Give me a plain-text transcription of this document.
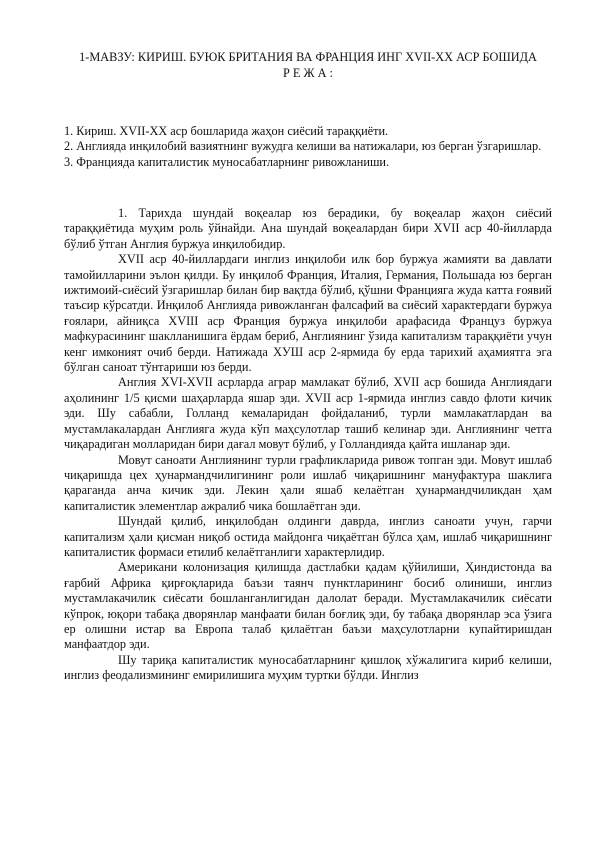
1-МАВЗУ: КИРИШ. БУЮК БРИТАНИЯ ВА ФРАНЦИЯ ИНГ XVII-XX АСР БОШИДА
Р Е Ж А :

1. Кириш. XVII-XX аср бошларида жаҳон сиёсий тараққиёти.

2. Англияда инқилобий вазиятнинг вужудга келиши ва натижалари, юз берган ўзгаришлар.

3. Францияда капиталистик муносабатларнинг ривожланиши.

1. Тарихда шундай воқеалар юз берадики, бу воқеалар жаҳон сиёсий тараққиётида муҳим роль ўйнайди. Ана шундай воқеалардан бири XVII аср 40-йилларда бўлиб ўтган Англия буржуа инқилобидир.

XVII аср 40-йиллардаги инглиз инқилоби илк бор буржуа жамияти ва давлати тамойилларини эълон қилди. Бу инқилоб Франция, Италия, Германия, Польшада юз берган ижтимоий-сиёсий ўзгаришлар билан бир вақтда бўлиб, қўшни Францияга жуда катта ғоявий таъсир кўрсатди. Инқилоб Англияда ривожланган фалсафий ва сиёсий характердаги буржуа ғоялари, айниқса XVIII аср Франция буржуа инқилоби арафасида Француз буржуа мафкурасининг шаклланишига ёрдам бериб, Англиянинг ўзида капитализм тараққиёти учун кенг имконият очиб берди. Натижада ХУШ аср 2-ярмида бу ерда тарихий аҳамиятга эга бўлган саноат тўнтариши юз берди.

Англия XVI-XVII асрларда аграр мамлакат бўлиб, XVII аср бошида Англиядаги аҳолининг 1/5 қисми шаҳарларда яшар эди. XVII аср 1-ярмида инглиз савдо флоти кичик эди. Шу сабабли, Голланд кемаларидан фойдаланиб, турли мамлакатлардан ва мустамлакалардан Англияга жуда кўп маҳсулотлар ташиб келинар эди. Англиянинг четга чиқарадиган молларидан бири дағал мовут бўлиб, у Голландияда қайта ишланар эди.

Мовут саноати Англиянинг турли графликларида ривож топган эди. Мовут ишлаб чиқаришда цех ҳунармандчилигининг роли ишлаб чиқаришнинг мануфактура шаклига қараганда анча кичик эди. Лекин ҳали яшаб келаётган ҳунармандчиликдан ҳам капиталистик элементлар ажралиб чика бошлаётган эди.

Шундай қилиб, инқилобдан олдинги даврда, инглиз саноати учун, гарчи капитализм ҳали қисман ниқоб остида майдонга чиқаётган бўлса ҳам, ишлаб чиқаришнинг капиталистик формаси етилиб келаётганлиги характерлидир.

Американи колонизация қилишда дастлабки қадам қўйилиши, Ҳиндистонда ва ғарбий Африка қирғоқларида баъзи таянч пунктларининг босиб олиниши, инглиз мустамлакачилик сиёсати бошланганлигидан далолат беради. Мустамлакачилик сиёсати кўпрок, юқори табақа дворянлар манфаати билан боғлиқ эди, бу табақа дворянлар эса ўзига ер олишни истар ва Европа талаб қилаётган баъзи маҳсулотларни купайтиришдан манфаатдор эди.

Шу тариқа капиталистик муносабатларнинг қишлоқ хўжалигига кириб келиши, инглиз феодализмининг емирилишига муҳим туртки бўлди. Инглиз
